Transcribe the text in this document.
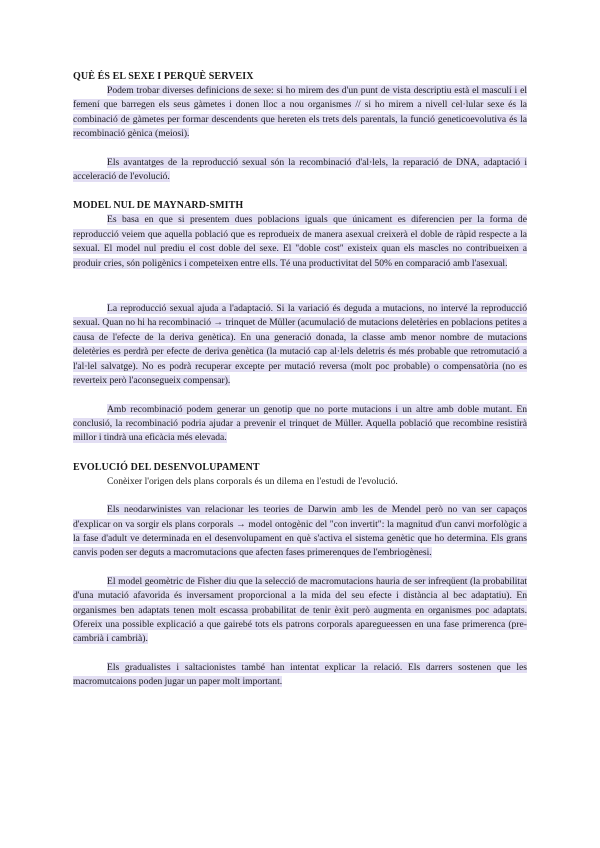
QUÈ ÉS EL SEXE I PERQUÈ SERVEIX

Podem trobar diverses definicions de sexe: si ho mirem des d'un punt de vista descriptiu està el masculí i el femení que barregen els seus gàmetes i donen lloc a nou organismes // si ho mirem a nivell cel·lular sexe és la combinació de gàmetes per formar descendents que hereten els trets dels parentals, la funció geneticoevolutiva és la recombinació gènica (meiosi).

Els avantatges de la reproducció sexual són la recombinació d'al·lels, la reparació de DNA, adaptació i acceleració de l'evolució.

MODEL NUL DE MAYNARD-SMITH

Es basa en que si presentem dues poblacions iguals que únicament es diferencien per la forma de reproducció veiem que aquella població que es reprodueix de manera asexual creixerà el doble de ràpid respecte a la sexual. El model nul prediu el cost doble del sexe. El "doble cost" existeix quan els mascles no contribueixen a produir cries, són poligènics i competeixen entre ells. Té una productivitat del 50% en comparació amb l'asexual.

La reproducció sexual ajuda a l'adaptació. Si la variació és deguda a mutacions, no intervé la reproducció sexual. Quan no hi ha recombinació → trinquet de Müller (acumulació de mutacions deletèries en poblacions petites a causa de l'efecte de la deriva genètica). En una generació donada, la classe amb menor nombre de mutacions deletèries es perdrà per efecte de deriva genètica (la mutació cap al·lels deletris és més probable que retromutació a l'al·lel salvatge). No es podrà recuperar excepte per mutació reversa (molt poc probable) o compensatòria (no es reverteix però l'aconsegueix compensar).

Amb recombinació podem generar un genotip que no porte mutacions i un altre amb doble mutant. En conclusió, la recombinació podria ajudar a prevenir el trinquet de Müller. Aquella població que recombine resistirà millor i tindrà una eficàcia més elevada.

EVOLUCIÓ DEL DESENVOLUPAMENT

Conèixer l'origen dels plans corporals és un dilema en l'estudi de l'evolució.

Els neodarwinistes van relacionar les teories de Darwin amb les de Mendel però no van ser capaços d'explicar on va sorgir els plans corporals → model ontogènic del "con invertit": la magnitud d'un canvi morfològic a la fase d'adult ve determinada en el desenvolupament en què s'activa el sistema genètic que ho determina. Els grans canvis poden ser deguts a macromutacions que afecten fases primerenques de l'embriogènesi.

El model geomètric de Fisher diu que la selecció de macromutacions hauria de ser infreqüent (la probabilitat d'una mutació afavorida és inversament proporcional a la mida del seu efecte i distància al bec adaptatiu). En organismes ben adaptats tenen molt escassa probabilitat de tenir èxit però augmenta en organismes poc adaptats. Ofereix una possible explicació a que gairebé tots els patrons corporals aparegueessen en una fase primerenca (pre-cambrià i cambrià).

Els gradualistes i saltacionistes també han intentat explicar la relació. Els darrers sostenen que les macromutcaions poden jugar un paper molt important.
